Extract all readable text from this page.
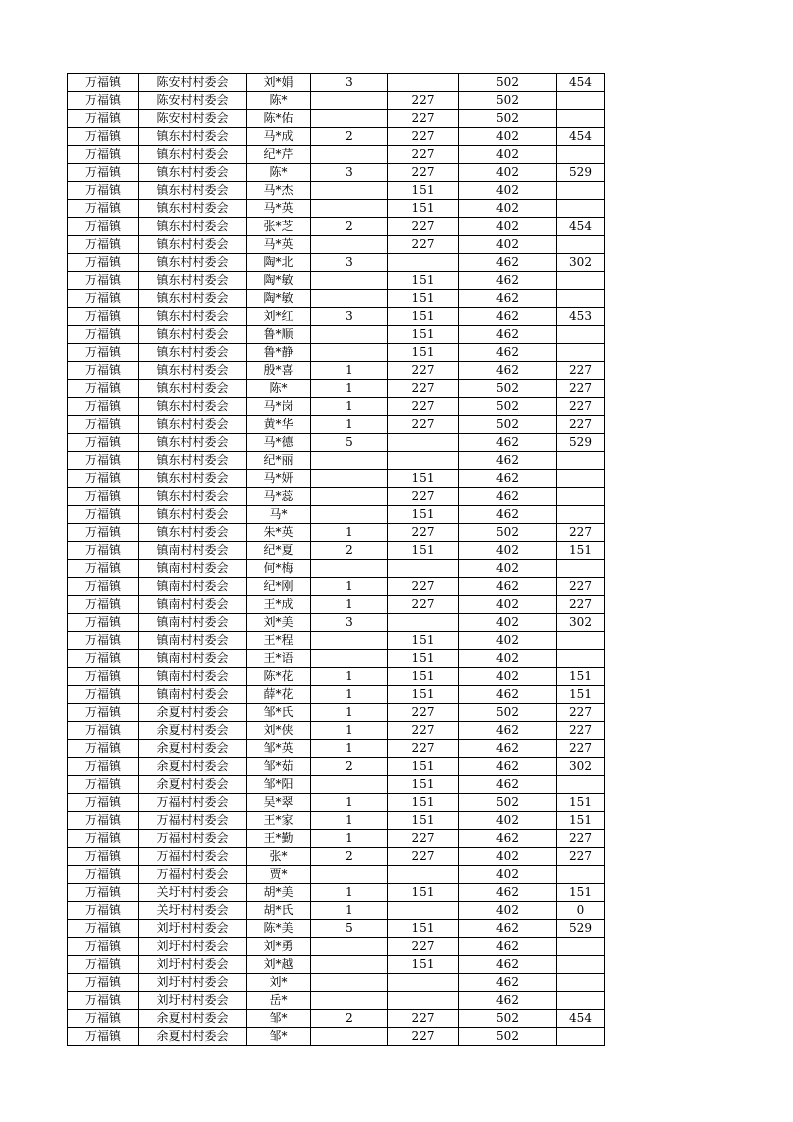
万福镇	陈安村村委会	刘*娟	3		502	454
万福镇	陈安村村委会	陈*		227	502	
万福镇	陈安村村委会	陈*佑		227	502	
万福镇	镇东村村委会	马*成	2	227	402	454
万福镇	镇东村村委会	纪*芹		227	402	
万福镇	镇东村村委会	陈*	3	227	402	529
万福镇	镇东村村委会	马*杰		151	402	
万福镇	镇东村村委会	马*英		151	402	
万福镇	镇东村村委会	张*芝	2	227	402	454
万福镇	镇东村村委会	马*英		227	402	
万福镇	镇东村村委会	陶*北	3		462	302
万福镇	镇东村村委会	陶*敏		151	462	
万福镇	镇东村村委会	陶*敏		151	462	
万福镇	镇东村村委会	刘*红	3	151	462	453
万福镇	镇东村村委会	鲁*顺		151	462	
万福镇	镇东村村委会	鲁*静		151	462	
万福镇	镇东村村委会	殷*喜	1	227	462	227
万福镇	镇东村村委会	陈*	1	227	502	227
万福镇	镇东村村委会	马*岗	1	227	502	227
万福镇	镇东村村委会	黄*华	1	227	502	227
万福镇	镇东村村委会	马*德	5		462	529
万福镇	镇东村村委会	纪*丽			462	
万福镇	镇东村村委会	马*妍		151	462	
万福镇	镇东村村委会	马*蕊		227	462	
万福镇	镇东村村委会	马*		151	462	
万福镇	镇东村村委会	朱*英	1	227	502	227
万福镇	镇南村村委会	纪*夏	2	151	402	151
万福镇	镇南村村委会	何*梅			402	
万福镇	镇南村村委会	纪*刚	1	227	462	227
万福镇	镇南村村委会	王*成	1	227	402	227
万福镇	镇南村村委会	刘*美	3		402	302
万福镇	镇南村村委会	王*程		151	402	
万福镇	镇南村村委会	王*语		151	402	
万福镇	镇南村村委会	陈*花	1	151	402	151
万福镇	镇南村村委会	薛*花	1	151	462	151
万福镇	余夏村村委会	邹*氏	1	227	502	227
万福镇	余夏村村委会	刘*侠	1	227	462	227
万福镇	余夏村村委会	邹*英	1	227	462	227
万福镇	余夏村村委会	邹*茹	2	151	462	302
万福镇	余夏村村委会	邹*阳		151	462	
万福镇	万福村村委会	吴*翠	1	151	502	151
万福镇	万福村村委会	王*家	1	151	402	151
万福镇	万福村村委会	王*勤	1	227	462	227
万福镇	万福村村委会	张*	2	227	402	227
万福镇	万福村村委会	贾*			402	
万福镇	关圩村村委会	胡*美	1	151	462	151
万福镇	关圩村村委会	胡*氏	1		402	0
万福镇	刘圩村村委会	陈*美	5	151	462	529
万福镇	刘圩村村委会	刘*勇		227	462	
万福镇	刘圩村村委会	刘*越		151	462	
万福镇	刘圩村村委会	刘*			462	
万福镇	刘圩村村委会	岳*			462	
万福镇	余夏村村委会	邹*	2	227	502	454
万福镇	余夏村村委会	邹*		227	502	
